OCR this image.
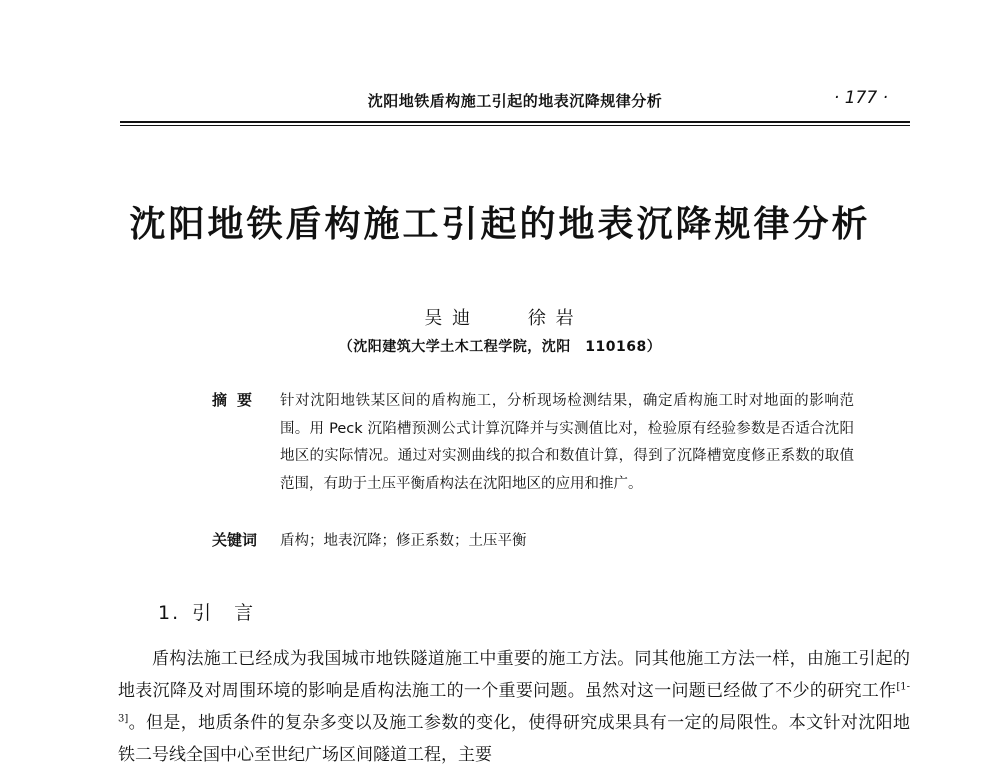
沈阳地铁盾构施工引起的地表沉降规律分析	· 177 ·
沈阳地铁盾构施工引起的地表沉降规律分析
吴 迪	徐 岩
（沈阳建筑大学土木工程学院，沈阳　110168）
摘要 针对沈阳地铁某区间的盾构施工，分析现场检测结果，确定盾构施工时对地面的影响范围。用 Peck 沉陷槽预测公式计算沉降并与实测值比对，检验原有经验参数是否适合沈阳地区的实际情况。通过对实测曲线的拟合和数值计算，得到了沉降槽宽度修正系数的取值范围，有助于土压平衡盾构法在沈阳地区的应用和推广。
关键词 盾构；地表沉降；修正系数；土压平衡
1. 引　言

盾构法施工已经成为我国城市地铁隧道施工中重要的施工方法。同其他施工方法一样，由施工引起的地表沉降及对周围环境的影响是盾构法施工的一个重要问题。虽然对这一问题已经做了不少的研究工作[1-3]。但是，地质条件的复杂多变以及施工参数的变化，使得研究成果具有一定的局限性。本文针对沈阳地铁二号线全国中心至世纪广场区间隧道工程，主要
